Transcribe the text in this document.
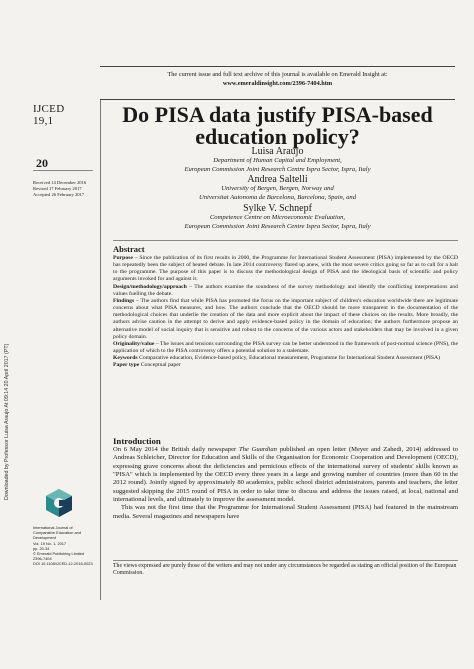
Downloaded by Professor Luisa Araujo At 09:14 20 April 2017 (PT)
The current issue and full text archive of this journal is available on Emerald Insight at:
www.emeraldinsight.com/2396-7404.htm
IJCED
19,1
20
Received 14 December 2016
Revised 17 February 2017
Accepted 26 February 2017
Do PISA data justify PISA-based
education policy?
Luisa Araujo
Department of Human Capital and Employment,
European Commission Joint Research Centre Ispra Sector, Ispra, Italy
Andrea Saltelli
University of Bergen, Bergen, Norway and
Universitat Autonoma de Barcelona, Barcelona, Spain, and
Sylke V. Schnepf
Competence Centre on Microeconomic Evaluation,
European Commission Joint Research Centre Ispra Sector, Ispra, Italy
Abstract
Purpose – Since the publication of its first results in 2000, the Programme for International Student Assessment (PISA) implemented by the OECD has repeatedly been the subject of heated debate. In late 2014 controversy flared up anew, with the most severe critics going so far as to call for a halt to the programme. The purpose of this paper is to discuss the methodological design of PISA and the ideological basis of scientific and policy arguments invoked for and against it.
Design/methodology/approach – The authors examine the soundness of the survey methodology and identify the conflicting interpretations and values fuelling the debate.
Findings – The authors find that while PISA has promoted the focus on the important subject of children's education worldwide there are legitimate concerns about what PISA measures, and how. The authors conclude that the OECD should be more transparent in the documentation of the methodological choices that underlie the creation of the data and more explicit about the impact of these choices on the results. More broadly, the authors advise caution in the attempt to derive and apply evidence-based policy in the domain of education; the authors furthermore propose an alternative model of social inquiry that is sensitive and robust to the concerns of the various actors and stakeholders that may be involved in a given policy domain.
Originality/value – The issues and tensions surrounding the PISA survey can be better understood in the framework of post-normal science (PNS), the application of which to the PISA controversy offers a potential solution to a stalemate.
Keywords Comparative education, Evidence-based policy, Educational measurement, Programme for International Student Assessment (PISA)
Paper type Conceptual paper
Introduction
On 6 May 2014 the British daily newspaper The Guardian published an open letter (Meyer and Zahedi, 2014) addressed to Andreas Schleicher, Director for Education and Skills of the Organisation for Economic Cooperation and Development (OECD), expressing grave concerns about the deficiencies and pernicious effects of the international survey of students' skills known as "PISA" which is implemented by the OECD every three years in a large and growing number of countries (more than 60 in the 2012 round). Jointly signed by approximately 80 academics, public school district administrators, parents and teachers, the letter suggested skipping the 2015 round of PISA in order to take time to discuss and address the issues raised, at local, national and international levels, and ultimately to improve the assessment model.
This was not the first time that the Programme for International Student Assessment (PISA) had featured in the mainstream media. Several magazines and newspapers have
The views expressed are purely those of the writers and may not under any circumstances be regarded as stating an official position of the European Commission.
International Journal of
Comparative Education and
Development
Vol. 19 No. 1, 2017
pp. 20-34
© Emerald Publishing Limited
2396-7404
DOI 10.1108/IJCED-12-2016-0023
